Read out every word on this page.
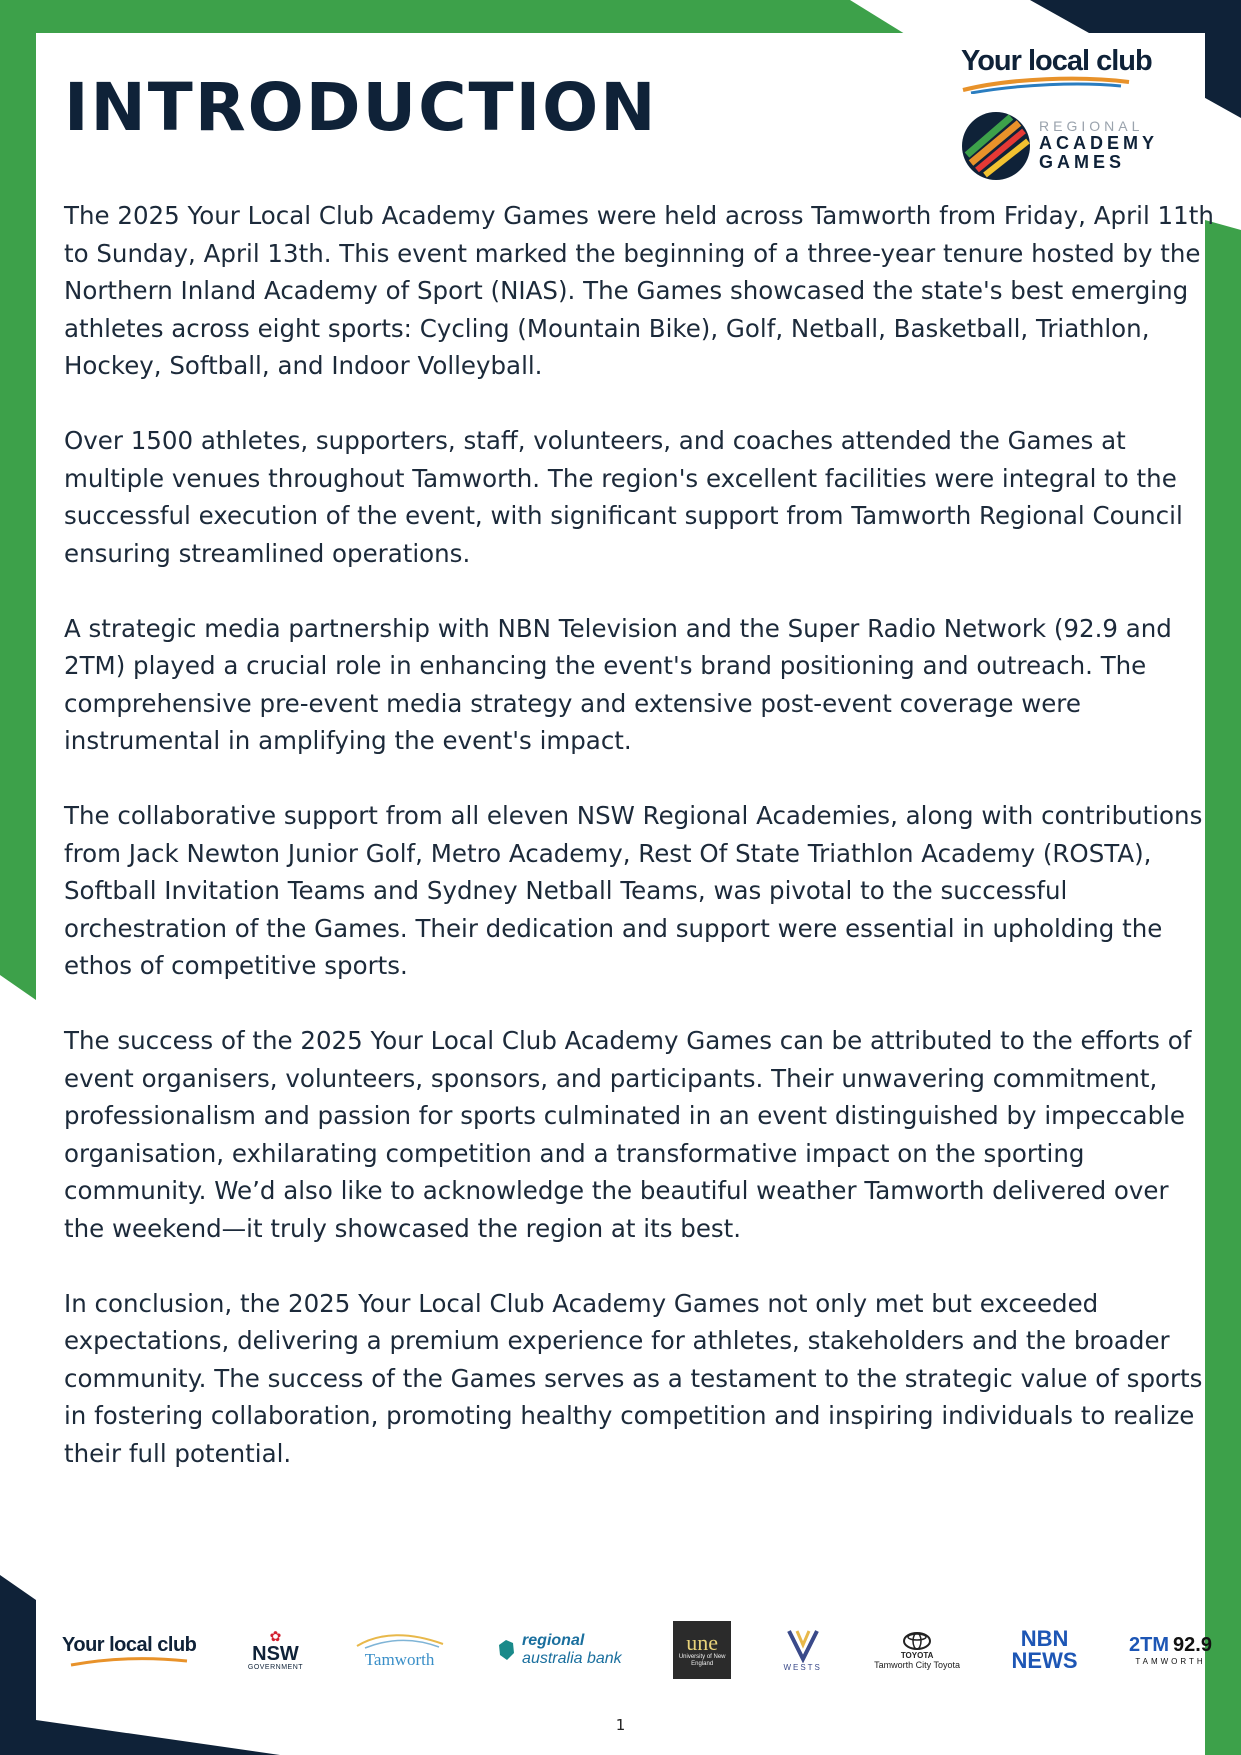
INTRODUCTION
Your local club
REGIONAL
ACADEMY
GAMES

The 2025 Your Local Club Academy Games were held across Tamworth from Friday, April 11th to Sunday, April 13th. This event marked the beginning of a three-year tenure hosted by the Northern Inland Academy of Sport (NIAS). The Games showcased the state's best emerging athletes across eight sports: Cycling (Mountain Bike), Golf, Netball, Basketball, Triathlon, Hockey, Softball, and Indoor Volleyball.

Over 1500 athletes, supporters, staff, volunteers, and coaches attended the Games at multiple venues throughout Tamworth. The region's excellent facilities were integral to the successful execution of the event, with significant support from Tamworth Regional Council ensuring streamlined operations.

A strategic media partnership with NBN Television and the Super Radio Network (92.9 and 2TM) played a crucial role in enhancing the event's brand positioning and outreach. The comprehensive pre-event media strategy and extensive post-event coverage were instrumental in amplifying the event's impact.

The collaborative support from all eleven NSW Regional Academies, along with contributions from Jack Newton Junior Golf, Metro Academy, Rest Of State Triathlon Academy (ROSTA), Softball Invitation Teams and Sydney Netball Teams, was pivotal to the successful orchestration of the Games. Their dedication and support were essential in upholding the ethos of competitive sports.

The success of the 2025 Your Local Club Academy Games can be attributed to the efforts of event organisers, volunteers, sponsors, and participants. Their unwavering commitment, professionalism and passion for sports culminated in an event distinguished by impeccable organisation, exhilarating competition and a transformative impact on the sporting community. We’d also like to acknowledge the beautiful weather Tamworth delivered over the weekend—it truly showcased the region at its best.

In conclusion, the 2025 Your Local Club Academy Games not only met but exceeded expectations, delivering a premium experience for athletes, stakeholders and the broader community. The success of the Games serves as a testament to the strategic value of sports in fostering collaboration, promoting healthy competition and inspiring individuals to realize their full potential.

Your local club	✿
NSW
GOVERNMENT	Tamworth
regional
australia bank
une
University of New England	WESTS
TOYOTA
Tamworth City Toyota
NBN
NEWS
2TM 92.9
TAMWORTH
1
